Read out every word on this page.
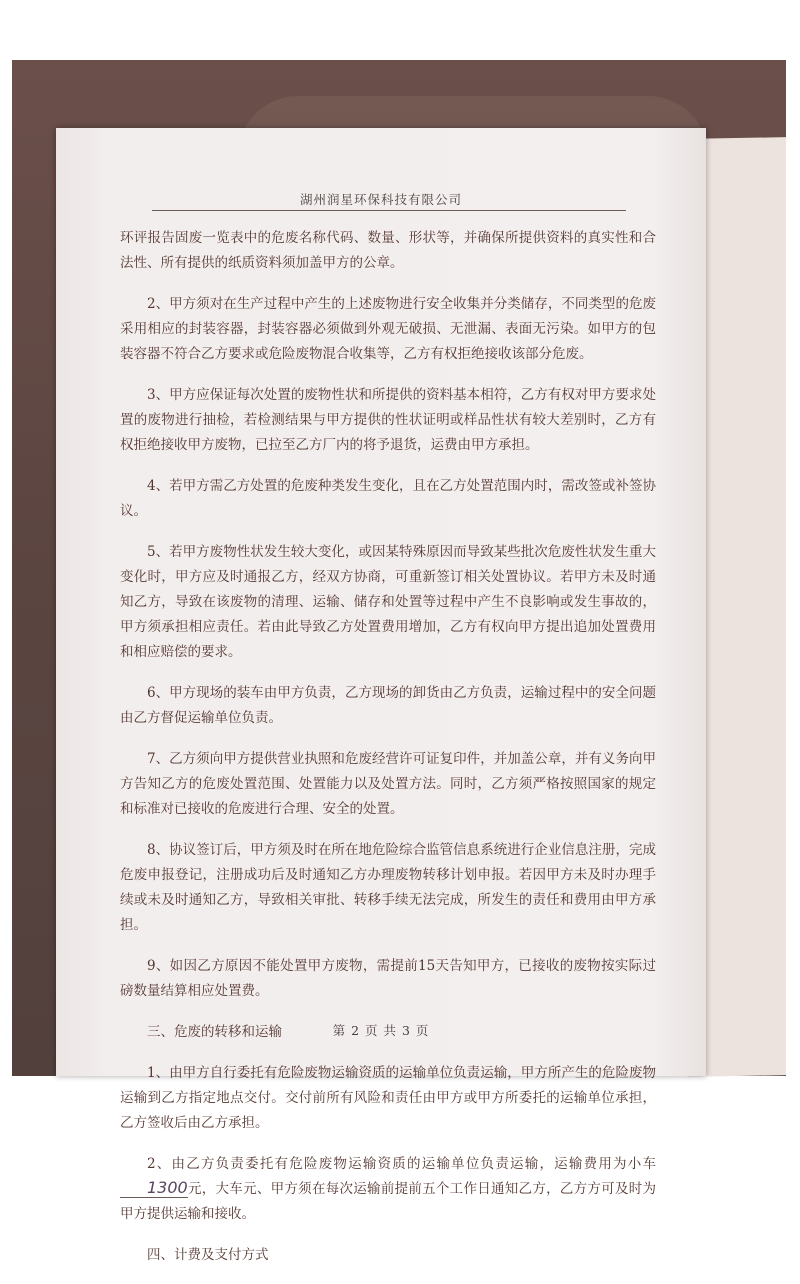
湖州润星环保科技有限公司

环评报告固废一览表中的危废名称代码、数量、形状等，并确保所提供资料的真实性和合法性、所有提供的纸质资料须加盖甲方的公章。

2、甲方须对在生产过程中产生的上述废物进行安全收集并分类储存，不同类型的危废采用相应的封装容器，封装容器必须做到外观无破损、无泄漏、表面无污染。如甲方的包装容器不符合乙方要求或危险废物混合收集等，乙方有权拒绝接收该部分危废。

3、甲方应保证每次处置的废物性状和所提供的资料基本相符，乙方有权对甲方要求处置的废物进行抽检，若检测结果与甲方提供的性状证明或样品性状有较大差别时，乙方有权拒绝接收甲方废物，已拉至乙方厂内的将予退货，运费由甲方承担。

4、若甲方需乙方处置的危废种类发生变化，且在乙方处置范围内时，需改签或补签协议。

5、若甲方废物性状发生较大变化，或因某特殊原因而导致某些批次危废性状发生重大变化时，甲方应及时通报乙方，经双方协商，可重新签订相关处置协议。若甲方未及时通知乙方，导致在该废物的清理、运输、储存和处置等过程中产生不良影响或发生事故的，甲方须承担相应责任。若由此导致乙方处置费用增加，乙方有权向甲方提出追加处置费用和相应赔偿的要求。

6、甲方现场的装车由甲方负责，乙方现场的卸货由乙方负责，运输过程中的安全问题由乙方督促运输单位负责。

7、乙方须向甲方提供营业执照和危废经营许可证复印件，并加盖公章，并有义务向甲方告知乙方的危废处置范围、处置能力以及处置方法。同时，乙方须严格按照国家的规定和标准对已接收的危废进行合理、安全的处置。

8、协议签订后，甲方须及时在所在地危险综合监管信息系统进行企业信息注册，完成危废申报登记，注册成功后及时通知乙方办理废物转移计划申报。若因甲方未及时办理手续或未及时通知乙方，导致相关审批、转移手续无法完成，所发生的责任和费用由甲方承担。

9、如因乙方原因不能处置甲方废物，需提前15天告知甲方，已接收的废物按实际过磅数量结算相应处置费。

三、危废的转移和运输

1、由甲方自行委托有危险废物运输资质的运输单位负责运输，甲方所产生的危险废物运输到乙方指定地点交付。交付前所有风险和责任由甲方或甲方所委托的运输单位承担，乙方签收后由乙方承担。

2、由乙方负责委托有危险废物运输资质的运输单位负责运输，运输费用为小车1300元，大车元、甲方须在每次运输前提前五个工作日通知乙方，乙方方可及时为甲方提供运输和接收。

四、计费及支付方式

第 2 页 共 3 页
